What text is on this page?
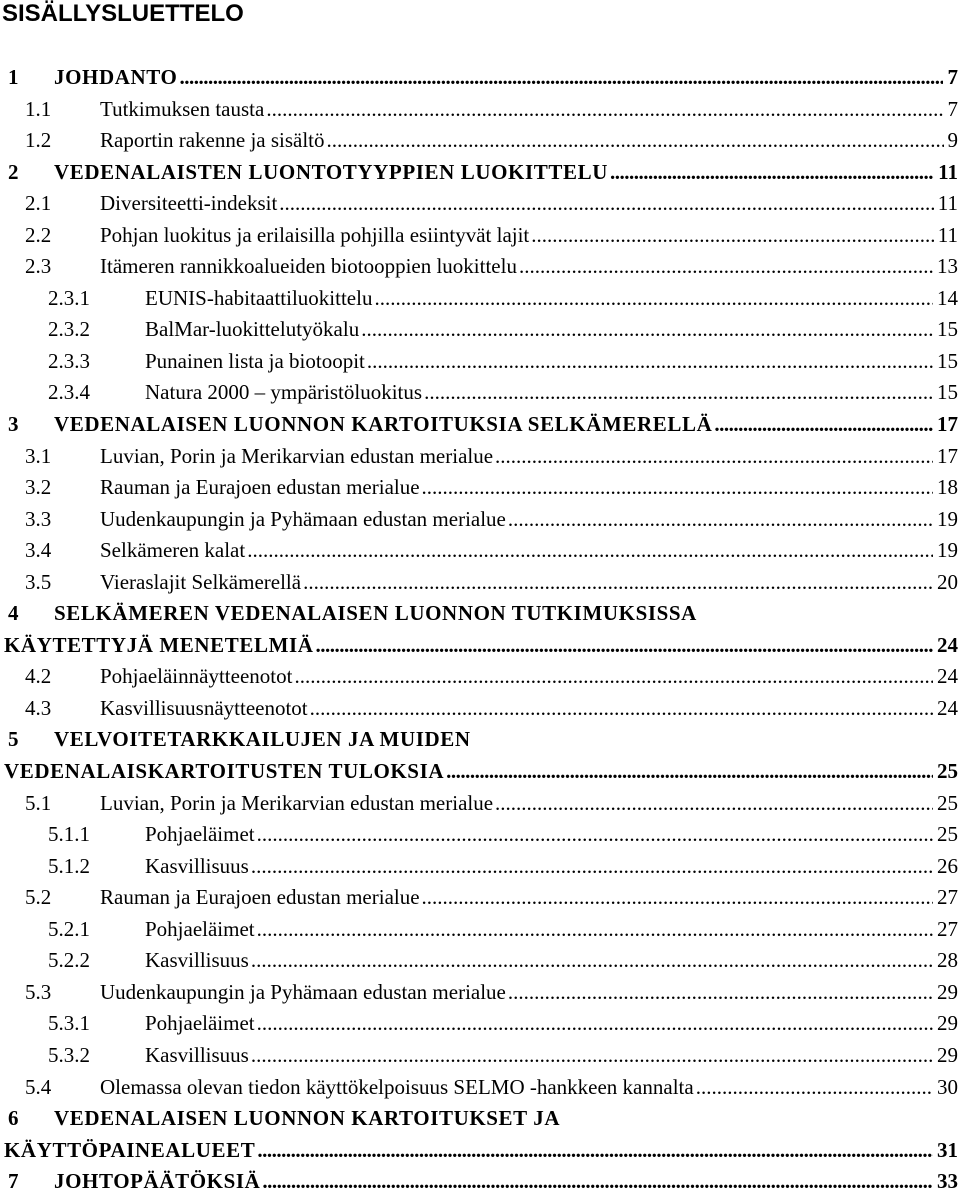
SISÄLLYSLUETTELO
1 JOHDANTO	7
.....
1.1 Tutkimuksen tausta	7
.....
1.2 Raportin rakenne ja sisältö	9
.....
2 VEDENALAISTEN LUONTOTYYPPIEN LUOKITTELU	11
.....
2.1 Diversiteetti-indeksit	11
.....
2.2 Pohjan luokitus ja erilaisilla pohjilla esiintyvät lajit	11
.....
2.3 Itämeren rannikkoalueiden biotooppien luokittelu	13
.....
2.3.1	EUNIS-habitaattiluokittelu	14
.....
2.3.2	BalMar-luokittelutyökalu	15
.....
2.3.3	Punainen lista ja biotoopit	15
.....
2.3.4	Natura 2000 – ympäristöluokitus	15
.....
3 VEDENALAISEN LUONNON KARTOITUKSIA SELKÄMERELLÄ	17
.....
3.1 Luvian, Porin ja Merikarvian edustan merialue	17
.....
3.2 Rauman ja Eurajoen edustan merialue	18
.....
3.3 Uudenkaupungin ja Pyhämaan edustan merialue	19
.....
3.4 Selkämeren kalat	19
.....
3.5 Vieraslajit Selkämerellä	20
.....
4 SELKÄMEREN VEDENALAISEN LUONNON TUTKIMUKSISSA
KÄYTETTYJÄ MENETELMIÄ	24
.....
4.2 Pohjaeläinnäytteenotot	24
.....
4.3 Kasvillisuusnäytteenotot	24
.....
5 VELVOITETARKKAILUJEN JA MUIDEN
VEDENALAISKARTOITUSTEN TULOKSIA	25
.....
5.1 Luvian, Porin ja Merikarvian edustan merialue	25
.....
5.1.1	Pohjaeläimet	25
.....
5.1.2	Kasvillisuus	26
.....
5.2 Rauman ja Eurajoen edustan merialue	27
.....
5.2.1	Pohjaeläimet	27
.....
5.2.2	Kasvillisuus	28
.....
5.3 Uudenkaupungin ja Pyhämaan edustan merialue	29
.....
5.3.1	Pohjaeläimet	29
.....
5.3.2	Kasvillisuus	29
.....
5.4 Olemassa olevan tiedon käyttökelpoisuus SELMO -hankkeen kannalta	30
.....
6 VEDENALAISEN LUONNON KARTOITUKSET JA
KÄYTTÖPAINEALUEET	31
.....
7 JOHTOPÄÄTÖKSIÄ	33
.....
